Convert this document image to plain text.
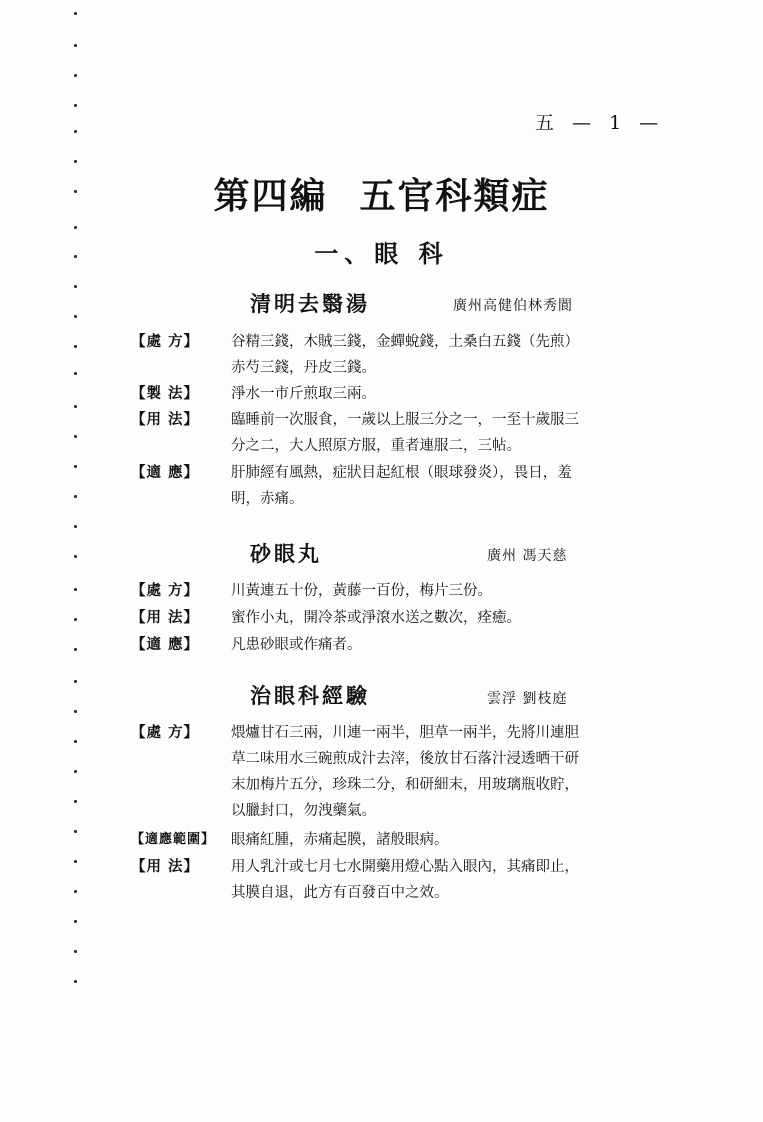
五 — 1 —
第四編 五官科類症
一、眼 科
清明去翳湯	廣州高健伯林秀閬
【處 方】	谷精三錢，木賊三錢，金蟬蛻錢，土桑白五錢（先煎）

赤芍三錢，丹皮三錢。

【製 法】	淨水一市斤煎取三兩。

【用 法】	臨睡前一次服食，一歲以上服三分之一，一至十歲服三

分之二，大人照原方服，重者連服二，三帖。

【適 應】	肝肺經有風熱，症狀目起紅根（眼球發炎），畏日，羞

明，赤痛。

砂眼丸	廣州 馮天慈
【處 方】	川黃連五十份，黃藤一百份，梅片三份。

【用 法】	蜜作小丸，開冷茶或淨滾水送之數次，痊癒。

【適 應】	凡患砂眼或作痛者。

治眼科經驗	雲浮 劉枝庭
【處 方】	煨爐甘石三兩，川連一兩半，胆草一兩半，先將川連胆

草二味用水三碗煎成汁去滓，後放甘石落汁浸透晒干研

末加梅片五分，珍珠二分，和研細末，用玻璃瓶收貯，

以臘封口，勿洩藥氣。

【適應範圍】	眼痛紅腫，赤痛起膜，諸般眼病。

【用 法】	用人乳汁或七月七水開藥用燈心點入眼內，其痛即止，

其膜自退，此方有百發百中之效。
